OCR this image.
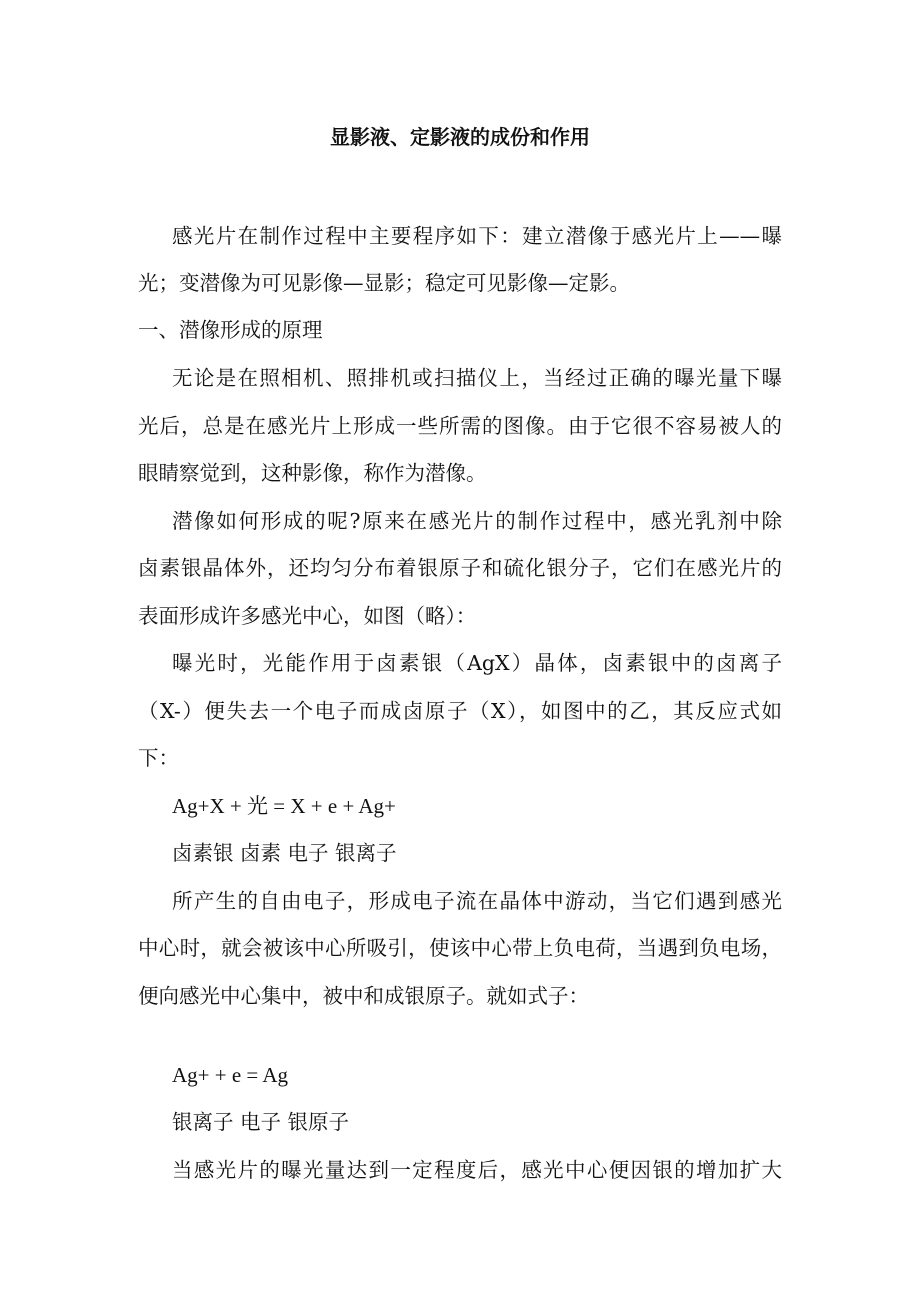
显影液、定影液的成份和作用
感光片在制作过程中主要程序如下：建立潜像于感光片上——曝
光；变潜像为可见影像—显影；稳定可见影像—定影。
一、潜像形成的原理
无论是在照相机、照排机或扫描仪上，当经过正确的曝光量下曝
光后，总是在感光片上形成一些所需的图像。由于它很不容易被人的
眼睛察觉到，这种影像，称作为潜像。
潜像如何形成的呢?原来在感光片的制作过程中，感光乳剂中除
卤素银晶体外，还均匀分布着银原子和硫化银分子，它们在感光片的
表面形成许多感光中心，如图（略）：
曝光时，光能作用于卤素银（AgX）晶体，卤素银中的卤离子
（X-）便失去一个电子而成卤原子（X），如图中的乙，其反应式如
下：
Ag+X + 光 = X + e + Ag+
卤素银 卤素 电子 银离子
所产生的自由电子，形成电子流在晶体中游动，当它们遇到感光
中心时，就会被该中心所吸引，使该中心带上负电荷，当遇到负电场，
便向感光中心集中，被中和成银原子。就如式子：
Ag+ + e = Ag
银离子 电子 银原子
当感光片的曝光量达到一定程度后，感光中心便因银的增加扩大
